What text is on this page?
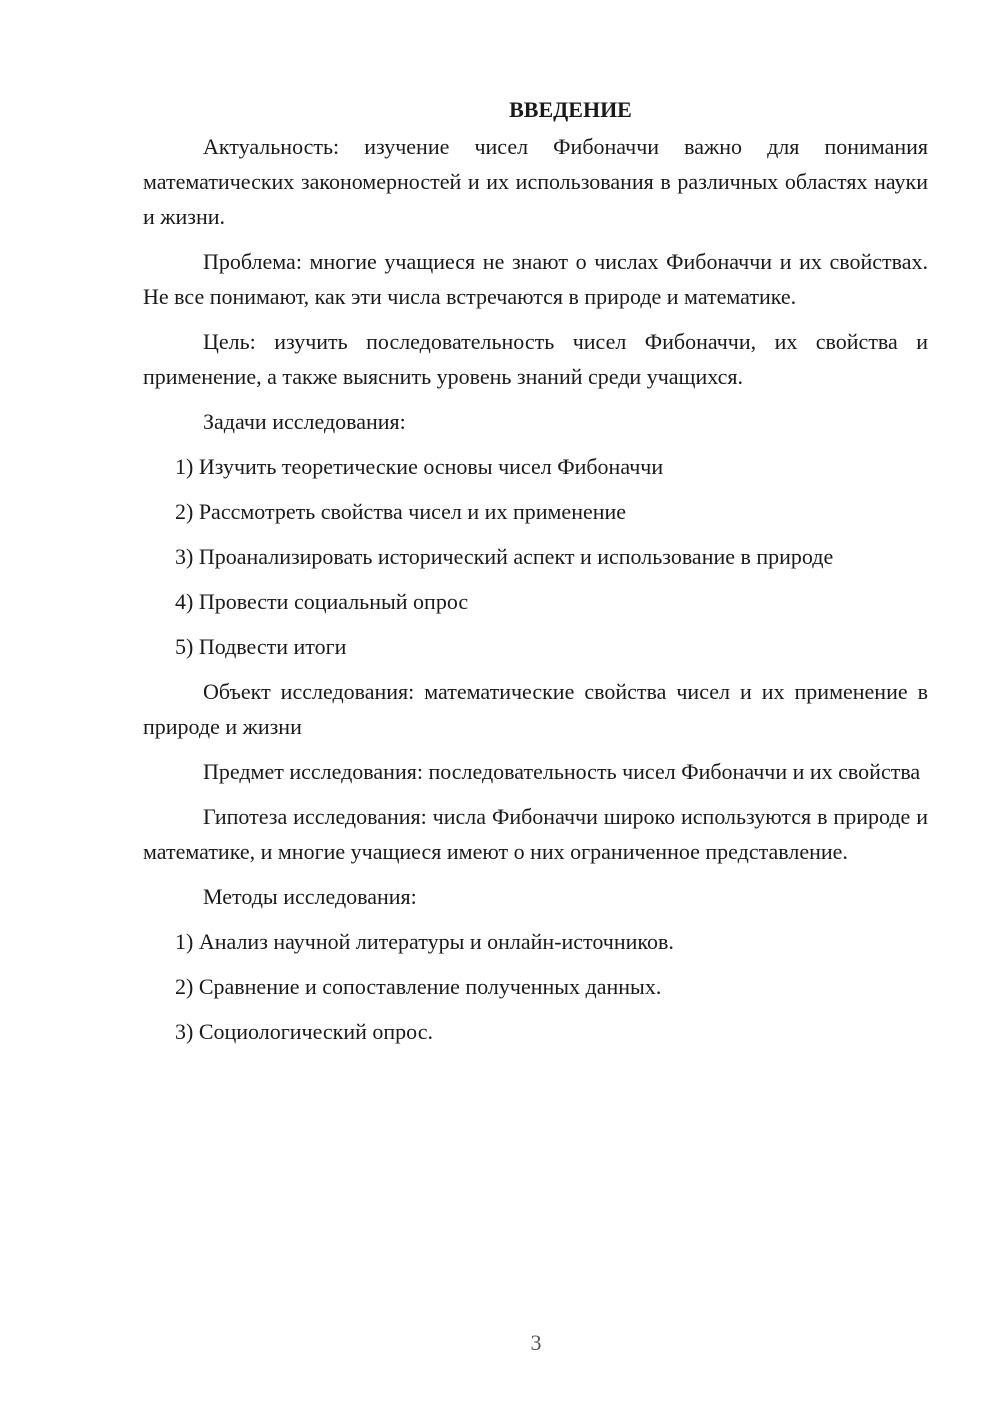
ВВЕДЕНИЕ

Актуальность: изучение чисел Фибоначчи важно для понимания математических закономерностей и их использования в различных областях науки и жизни.

Проблема: многие учащиеся не знают о числах Фибоначчи и их свойствах. Не все понимают, как эти числа встречаются в природе и математике.

Цель: изучить последовательность чисел Фибоначчи, их свойства и применение, а также выяснить уровень знаний среди учащихся.

Задачи исследования:

1) Изучить теоретические основы чисел Фибоначчи

2) Рассмотреть свойства чисел и их применение

3) Проанализировать исторический аспект и использование в природе

4) Провести социальный опрос

5) Подвести итоги

Объект исследования: математические свойства чисел и их применение в природе и жизни

Предмет исследования: последовательность чисел Фибоначчи и их свойства

Гипотеза исследования: числа Фибоначчи широко используются в природе и математике, и многие учащиеся имеют о них ограниченное представление.

Методы исследования:

1) Анализ научной литературы и онлайн-источников.

2) Сравнение и сопоставление полученных данных.

3) Социологический опрос.

3
